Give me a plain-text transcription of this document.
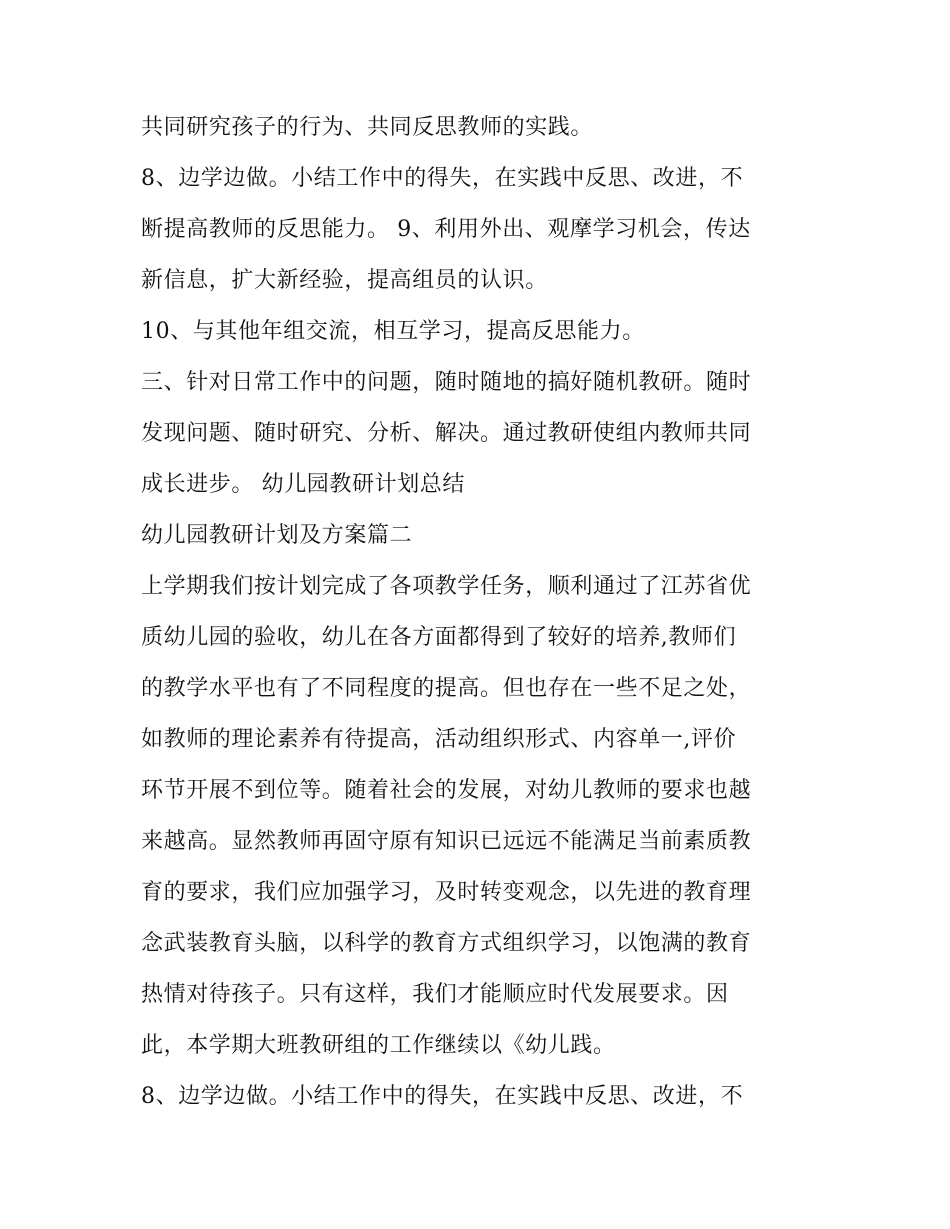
共同研究孩子的行为、共同反思教师的实践。
8、边学边做。小结工作中的得失，在实践中反思、改进，不
断提高教师的反思能力。 9、利用外出、观摩学习机会，传达
新信息，扩大新经验，提高组员的认识。
10、与其他年组交流，相互学习，提高反思能力。
三、针对日常工作中的问题，随时随地的搞好随机教研。随时
发现问题、随时研究、分析、解决。通过教研使组内教师共同
成长进步。 幼儿园教研计划总结
幼儿园教研计划及方案篇二
上学期我们按计划完成了各项教学任务，顺利通过了江苏省优
质幼儿园的验收，幼儿在各方面都得到了较好的培养,教师们
的教学水平也有了不同程度的提高。但也存在一些不足之处，
如教师的理论素养有待提高，活动组织形式、内容单一,评价
环节开展不到位等。随着社会的发展，对幼儿教师的要求也越
来越高。显然教师再固守原有知识已远远不能满足当前素质教
育的要求，我们应加强学习，及时转变观念，以先进的教育理
念武装教育头脑，以科学的教育方式组织学习，以饱满的教育
热情对待孩子。只有这样，我们才能顺应时代发展要求。因
此，本学期大班教研组的工作继续以《幼儿践。
8、边学边做。小结工作中的得失，在实践中反思、改进，不
